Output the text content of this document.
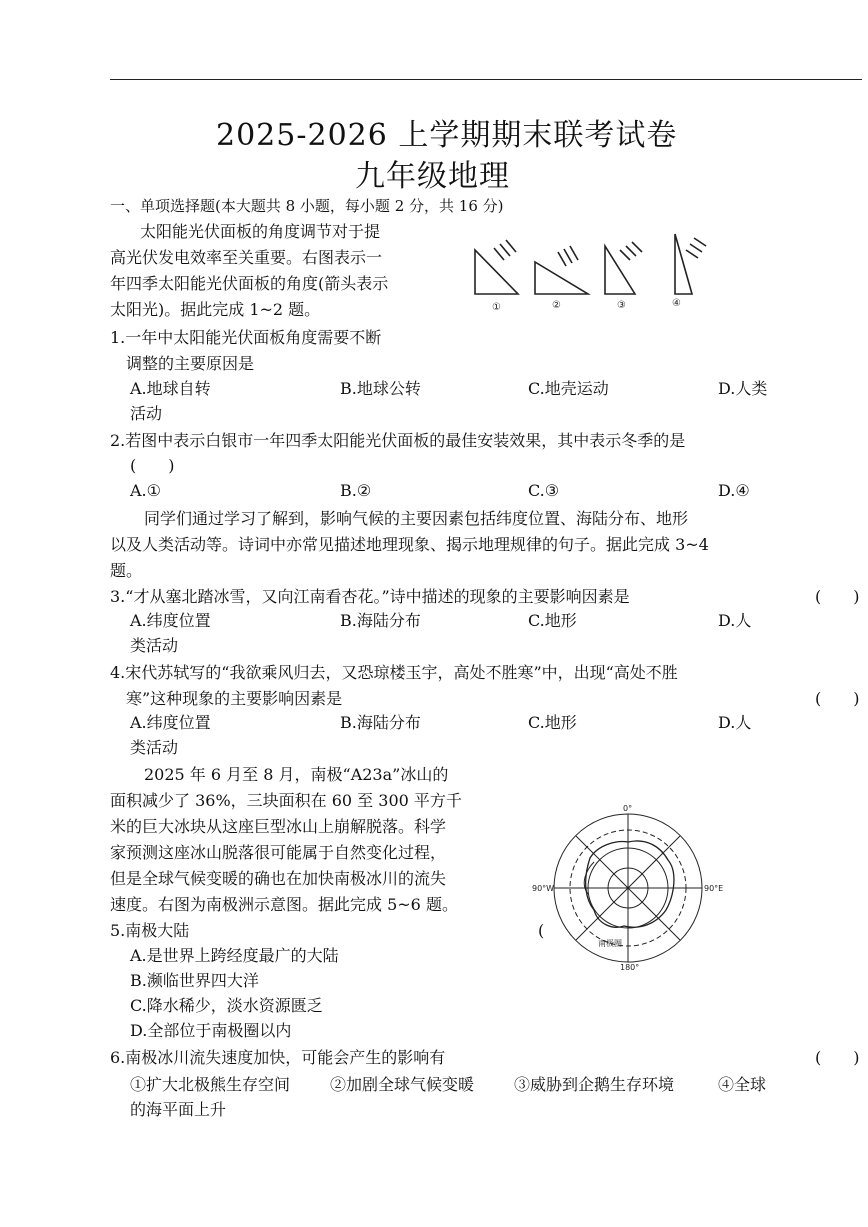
2025-2026 上学期期末联考试卷
九年级地理
一、单项选择题(本大题共 8 小题，每小题 2 分，共 16 分)
太阳能光伏面板的角度调节对于提
高光伏发电效率至关重要。右图表示一
年四季太阳能光伏面板的角度(箭头表示
太阳光)。据此完成 1~2 题。	①	②	③	④
1.一年中太阳能光伏面板角度需要不断
调整的主要原因是
A.地球自转	B.地球公转	C.地壳运动	D.人类
活动
2.若图中表示白银市一年四季太阳能光伏面板的最佳安装效果，其中表示冬季的是
(　　)
A.①	B.②	C.③	D.④
同学们通过学习了解到，影响气候的主要因素包括纬度位置、海陆分布、地形
以及人类活动等。诗词中亦常见描述地理现象、揭示地理规律的句子。据此完成 3~4
题。
3.“才从塞北踏冰雪，又向江南看杏花。”诗中描述的现象的主要影响因素是	(　　)
A.纬度位置	B.海陆分布	C.地形	D.人
类活动
4.宋代苏轼写的“我欲乘风归去，又恐琼楼玉宇，高处不胜寒”中，出现“高处不胜
寒”这种现象的主要影响因素是	(　　)
A.纬度位置	B.海陆分布	C.地形	D.人
类活动
2025 年 6 月至 8 月，南极“A23a”冰山的
面积减少了 36%，三块面积在 60 至 300 平方千
米的巨大冰块从这座巨型冰山上崩解脱落。科学
家预测这座冰山脱落很可能属于自然变化过程，
但是全球气候变暖的确也在加快南极冰川的流失
速度。右图为南极洲示意图。据此完成 5~6 题。
0°
90°W	90°E
180°
南极圈
5.南极大陆	(
A.是世界上跨经度最广的大陆
B.濒临世界四大洋
C.降水稀少，淡水资源匮乏
D.全部位于南极圈以内
6.南极冰川流失速度加快，可能会产生的影响有	(　　)
①扩大北极熊生存空间 ②加剧全球气候变暖 ③威胁到企鹅生存环境	④全球
的海平面上升
